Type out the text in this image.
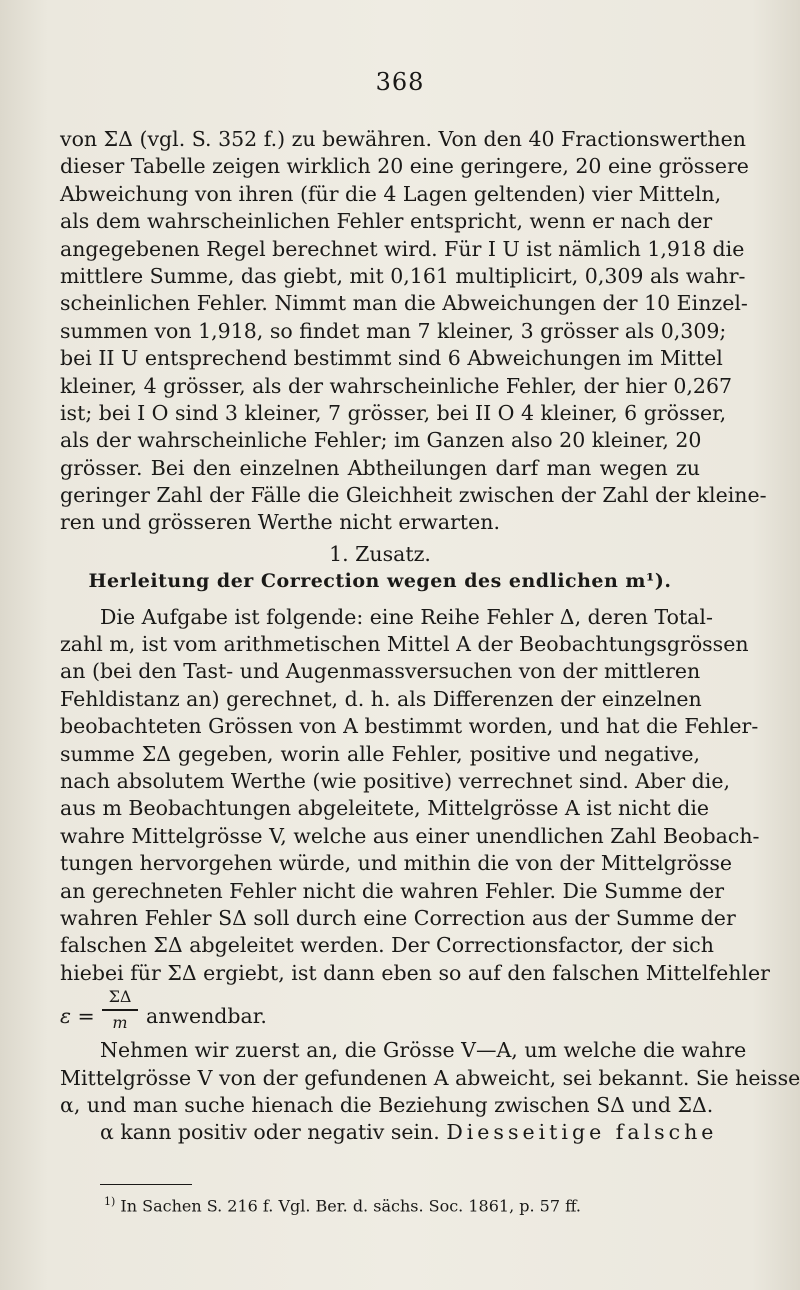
368
von ΣΔ (vgl. S. 352 f.) zu bewähren. Von den 40 Fractionswerthen
dieser Tabelle zeigen wirklich 20 eine geringere, 20 eine grössere
Abweichung von ihren (für die 4 Lagen geltenden) vier Mitteln,
als dem wahrscheinlichen Fehler entspricht, wenn er nach der
angegebenen Regel berechnet wird. Für I U ist nämlich 1,918 die
mittlere Summe, das giebt, mit 0,161 multiplicirt, 0,309 als wahr-
scheinlichen Fehler. Nimmt man die Abweichungen der 10 Einzel-
summen von 1,918, so findet man 7 kleiner, 3 grösser als 0,309;
bei II U entsprechend bestimmt sind 6 Abweichungen im Mittel
kleiner, 4 grösser, als der wahrscheinliche Fehler, der hier 0,267
ist; bei I O sind 3 kleiner, 7 grösser, bei II O 4 kleiner, 6 grösser,
als der wahrscheinliche Fehler; im Ganzen also 20 kleiner, 20
grösser. Bei den einzelnen Abtheilungen darf man wegen zu
geringer Zahl der Fälle die Gleichheit zwischen der Zahl der kleine-
ren und grösseren Werthe nicht erwarten.
1. Zusatz.
Herleitung der Correction wegen des endlichen m¹).
Die Aufgabe ist folgende: eine Reihe Fehler Δ, deren Total-
zahl m, ist vom arithmetischen Mittel A der Beobachtungsgrössen
an (bei den Tast- und Augenmassversuchen von der mittleren
Fehldistanz an) gerechnet, d. h. als Differenzen der einzelnen
beobachteten Grössen von A bestimmt worden, und hat die Fehler-
summe ΣΔ gegeben, worin alle Fehler, positive und negative,
nach absolutem Werthe (wie positive) verrechnet sind. Aber die,
aus m Beobachtungen abgeleitete, Mittelgrösse A ist nicht die
wahre Mittelgrösse V, welche aus einer unendlichen Zahl Beobach-
tungen hervorgehen würde, und mithin die von der Mittelgrösse
an gerechneten Fehler nicht die wahren Fehler. Die Summe der
wahren Fehler SΔ soll durch eine Correction aus der Summe der
falschen ΣΔ abgeleitet werden. Der Correctionsfactor, der sich
hiebei für ΣΔ ergiebt, ist dann eben so auf den falschen Mittelfehler
ε =
ΣΔ
m anwendbar.
Nehmen wir zuerst an, die Grösse V—A, um welche die wahre
Mittelgrösse V von der gefundenen A abweicht, sei bekannt. Sie heisse
α, und man suche hienach die Beziehung zwischen SΔ und ΣΔ.
α kann positiv oder negativ sein. Diesseitige falsche
$^{1)}$ In Sachen S. 216 f. Vgl. Ber. d. sächs. Soc. 1861, p. 57 ff.
